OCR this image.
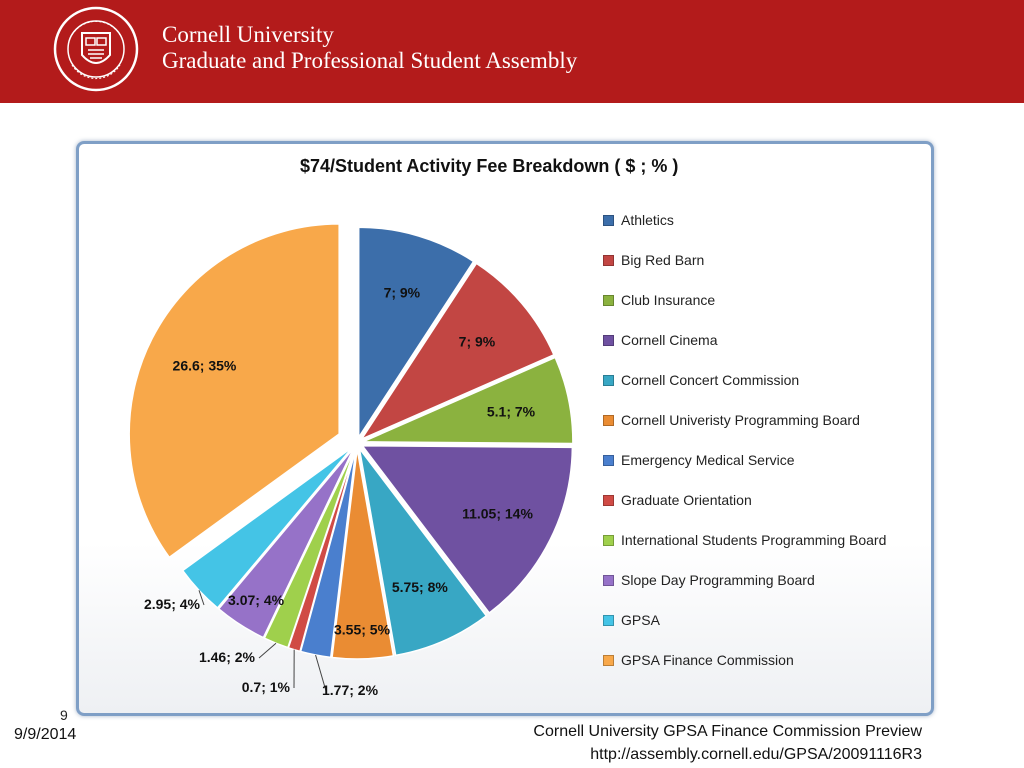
Cornell University
Graduate and Professional Student Assembly
$74/Student Activity Fee Breakdown ( $ ; % )
7; 9%
7; 9%
5.1; 7%
11.05; 14%
5.75; 8%
3.55; 5%
1.77; 2%
0.7; 1%
1.46; 2%
3.07; 4%
2.95; 4%
26.6; 35%
Athletics
Big Red Barn
Club Insurance
Cornell Cinema
Cornell Concert Commission
Cornell Univeristy Programming Board
Emergency Medical Service
Graduate Orientation
International Students Programming Board
Slope Day Programming Board
GPSA
GPSA Finance Commission
9
9/9/2014	Cornell University GPSA Finance Commission Preview
http://assembly.cornell.edu/GPSA/20091116R3
